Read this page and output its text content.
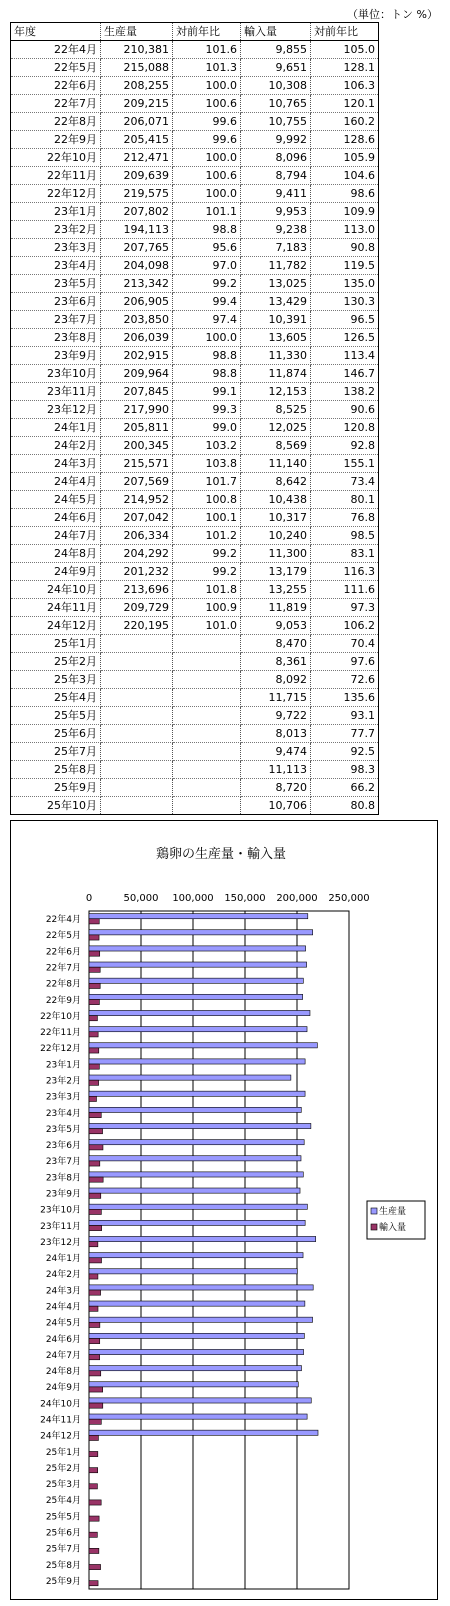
（単位：トン %）
年度	生産量	対前年比	輸入量	対前年比
22年4月	210,381	101.6	9,855	105.0
22年5月	215,088	101.3	9,651	128.1
22年6月	208,255	100.0	10,308	106.3
22年7月	209,215	100.6	10,765	120.1
22年8月	206,071	99.6	10,755	160.2
22年9月	205,415	99.6	9,992	128.6
22年10月	212,471	100.0	8,096	105.9
22年11月	209,639	100.6	8,794	104.6
22年12月	219,575	100.0	9,411	98.6
23年1月	207,802	101.1	9,953	109.9
23年2月	194,113	98.8	9,238	113.0
23年3月	207,765	95.6	7,183	90.8
23年4月	204,098	97.0	11,782	119.5
23年5月	213,342	99.2	13,025	135.0
23年6月	206,905	99.4	13,429	130.3
23年7月	203,850	97.4	10,391	96.5
23年8月	206,039	100.0	13,605	126.5
23年9月	202,915	98.8	11,330	113.4
23年10月	209,964	98.8	11,874	146.7
23年11月	207,845	99.1	12,153	138.2
23年12月	217,990	99.3	8,525	90.6
24年1月	205,811	99.0	12,025	120.8
24年2月	200,345	103.2	8,569	92.8
24年3月	215,571	103.8	11,140	155.1
24年4月	207,569	101.7	8,642	73.4
24年5月	214,952	100.8	10,438	80.1
24年6月	207,042	100.1	10,317	76.8
24年7月	206,334	101.2	10,240	98.5
24年8月	204,292	99.2	11,300	83.1
24年9月	201,232	99.2	13,179	116.3
24年10月	213,696	101.8	13,255	111.6
24年11月	209,729	100.9	11,819	97.3
24年12月	220,195	101.0	9,053	106.2
25年1月			8,470	70.4
25年2月			8,361	97.6
25年3月			8,092	72.6
25年4月			11,715	135.6
25年5月			9,722	93.1
25年6月			8,013	77.7
25年7月			9,474	92.5
25年8月			11,113	98.3
25年9月			8,720	66.2
25年10月			10,706	80.8
鶏卵の生産量・輸入量
0	50,000 100,000 150,000 200,000 250,000
22年4月
22年5月
22年6月
22年7月
22年8月
22年9月
22年10月
22年11月
22年12月
23年1月
23年2月
23年3月
23年4月
23年5月
23年6月
23年7月
23年8月
23年9月
23年10月
23年11月
23年12月
24年1月
24年2月
24年3月
24年4月
24年5月
24年6月
24年7月
24年8月
24年9月
24年10月
24年11月
24年12月
25年1月
25年2月
25年3月
25年4月
25年5月
25年6月
25年7月
25年8月
25年9月
生産量
輸入量
